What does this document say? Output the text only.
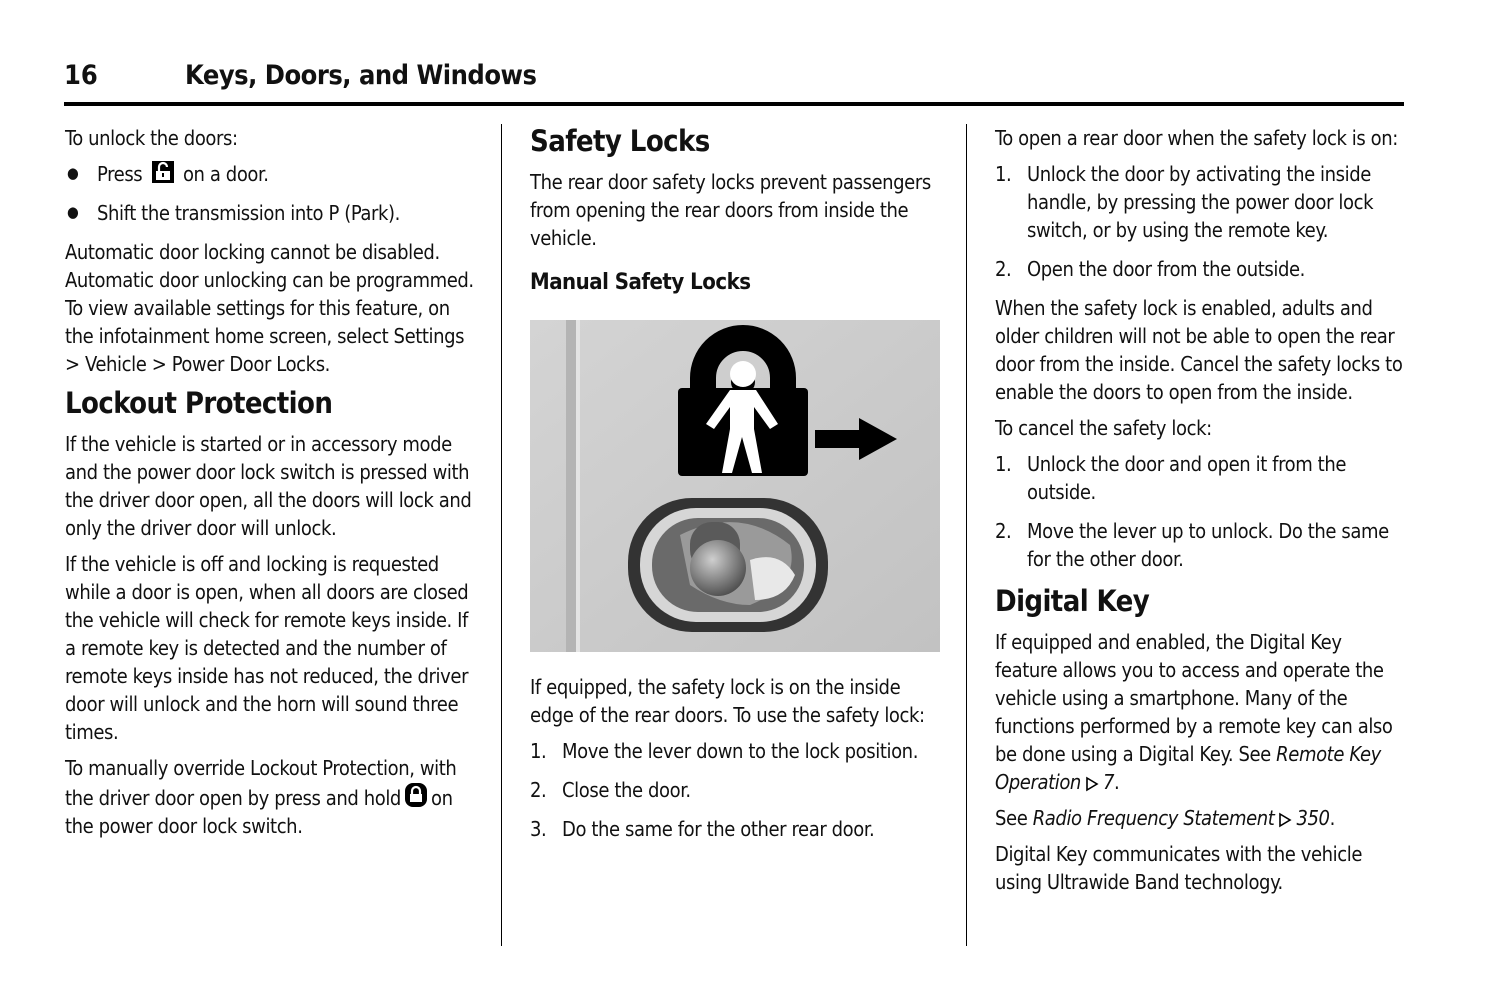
16	Keys, Doors, and Windows

To unlock the doors:

● Press on a door.
● Shift the transmission into P (Park).

Automatic door locking cannot be disabled. Automatic door unlocking can be programmed. To view available settings for this feature, on the infotainment home screen, select Settings > Vehicle > Power Door Locks.

Lockout Protection

If the vehicle is started or in accessory mode and the power door lock switch is pressed with the driver door open, all the doors will lock and only the driver door will unlock.

If the vehicle is off and locking is requested while a door is open, when all doors are closed the vehicle will check for remote keys inside. If a remote key is detected and the number of remote keys inside has not reduced, the driver door will unlock and the horn will sound three times.

To manually override Lockout Protection, with the driver door open by press and hold on the power door lock switch.

Safety Locks

The rear door safety locks prevent passengers from opening the rear doors from inside the vehicle.

Manual Safety Locks

If equipped, the safety lock is on the inside edge of the rear doors. To use the safety lock:

1. Move the lever down to the lock position.
2. Close the door.
3. Do the same for the other rear door.

To open a rear door when the safety lock is on:

1. Unlock the door by activating the inside handle, by pressing the power door lock switch, or by using the remote key.
2. Open the door from the outside.

When the safety lock is enabled, adults and older children will not be able to open the rear door from the inside. Cancel the safety locks to enable the doors to open from the inside.

To cancel the safety lock:

1. Unlock the door and open it from the outside.
2. Move the lever up to unlock. Do the same for the other door.
Digital Key

If equipped and enabled, the Digital Key feature allows you to access and operate the vehicle using a smartphone. Many of the functions performed by a remote key can also be done using a Digital Key. See Remote Key Operation 7.

See Radio Frequency Statement 350.

Digital Key communicates with the vehicle using Ultrawide Band technology.
